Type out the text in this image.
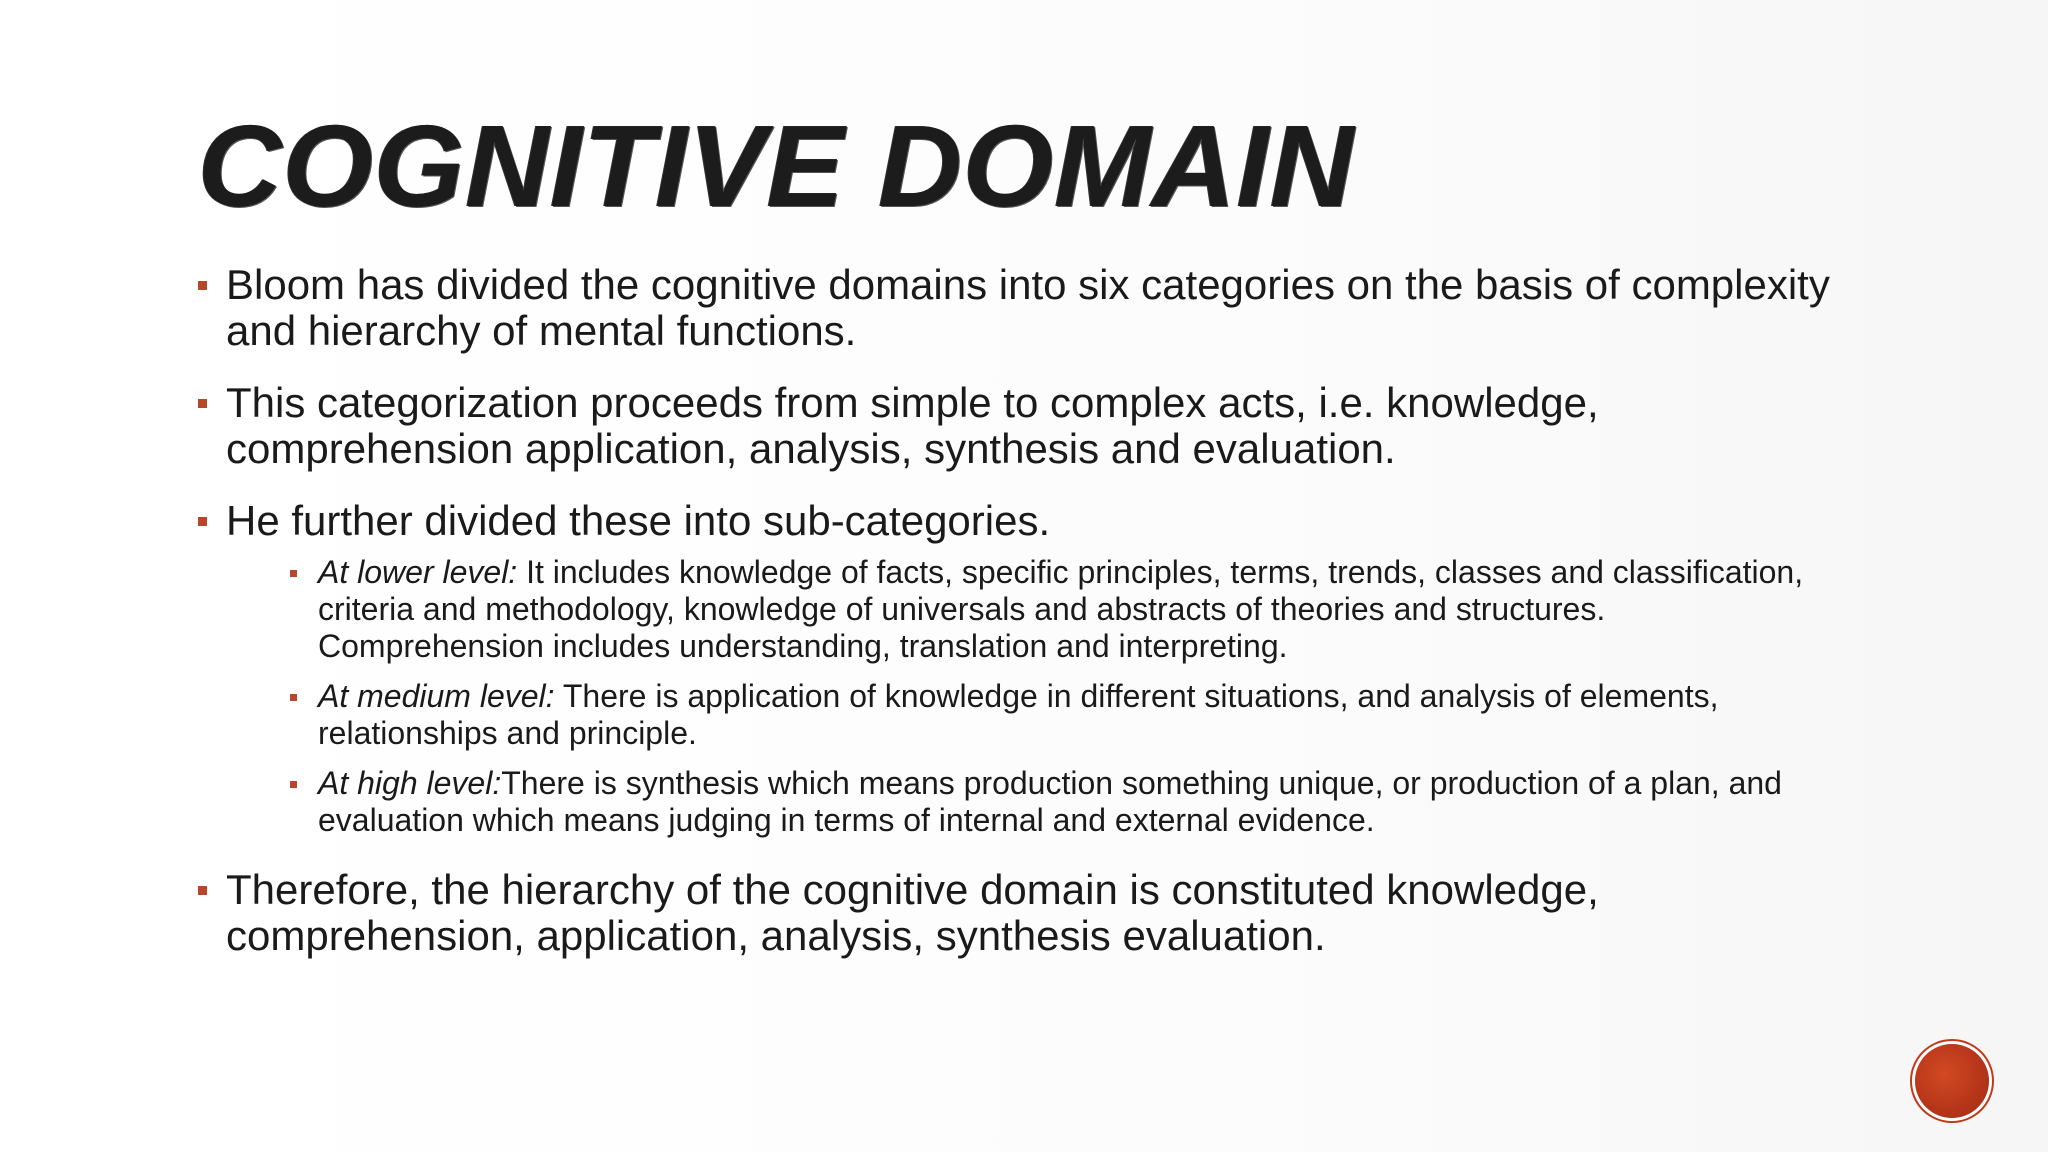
COGNITIVE DOMAIN
Bloom has divided the cognitive domains into six categories on the basis of complexity and hierarchy of mental functions.
This categorization proceeds from simple to complex acts, i.e. knowledge, comprehension application, analysis, synthesis and evaluation.
He further divided these into sub-categories.
At lower level: It includes knowledge of facts, specific principles, terms, trends, classes and classification, criteria and methodology, knowledge of universals and abstracts of theories and structures. Comprehension includes understanding, translation and interpreting.
At medium level: There is application of knowledge in different situations, and analysis of elements, relationships and principle.
At high level:There is synthesis which means production something unique, or production of a plan, and evaluation which means judging in terms of internal and external evidence.
Therefore, the hierarchy of the cognitive domain is constituted knowledge, comprehension, application, analysis, synthesis evaluation.
